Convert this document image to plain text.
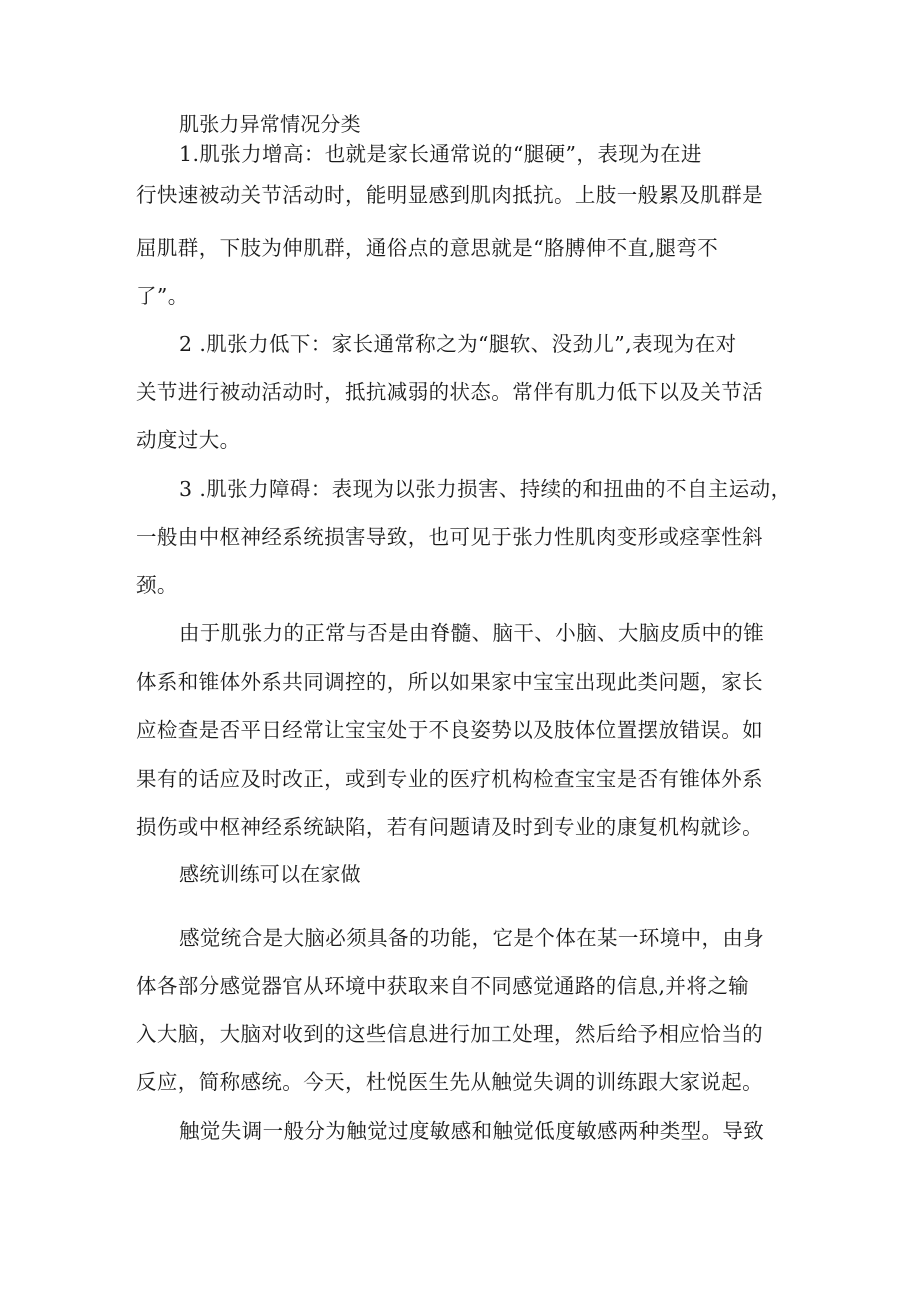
肌张力异常情况分类
1.肌张力增高：也就是家长通常说的“腿硬”，表现为在进
行快速被动关节活动时，能明显感到肌肉抵抗。上肢一般累及肌群是
屈肌群，下肢为伸肌群，通俗点的意思就是“胳膊伸不直,腿弯不
了”。
2 .肌张力低下：家长通常称之为“腿软、没劲儿”,表现为在对
关节进行被动活动时，抵抗减弱的状态。常伴有肌力低下以及关节活
动度过大。
3 .肌张力障碍：表现为以张力损害、持续的和扭曲的不自主运动，
一般由中枢神经系统损害导致，也可见于张力性肌肉变形或痉挛性斜
颈。
由于肌张力的正常与否是由脊髓、脑干、小脑、大脑皮质中的锥
体系和锥体外系共同调控的，所以如果家中宝宝出现此类问题，家长
应检查是否平日经常让宝宝处于不良姿势以及肢体位置摆放错误。如
果有的话应及时改正，或到专业的医疗机构检查宝宝是否有锥体外系
损伤或中枢神经系统缺陷，若有问题请及时到专业的康复机构就诊。
感统训练可以在家做
感觉统合是大脑必须具备的功能，它是个体在某一环境中，由身
体各部分感觉器官从环境中获取来自不同感觉通路的信息,并将之输
入大脑，大脑对收到的这些信息进行加工处理，然后给予相应恰当的
反应，简称感统。今天，杜悦医生先从触觉失调的训练跟大家说起。
触觉失调一般分为触觉过度敏感和触觉低度敏感两种类型。导致
